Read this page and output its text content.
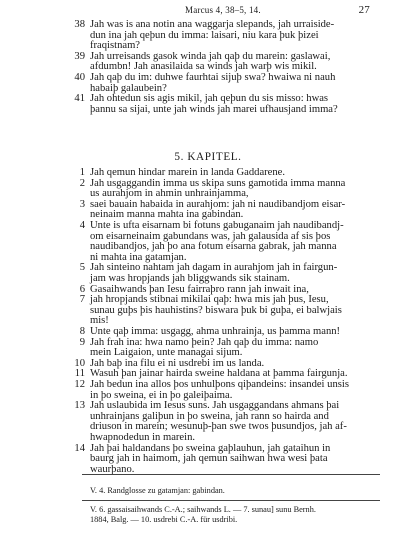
Marcus 4, 38–5, 14.	27
38 Jah was is ana notin ana waggarja slepands, jah urraiside-
dun ina jah qeþun du imma: laisari, niu kara þuk þizei
fraqistnam?
39 Jah urreisands gasok winda jah qaþ du marein: gaslawai,
afdumbn! Jah anasilaida sa winds jah warþ wis mikil.
40 Jah qaþ du im: duhwe faurhtai sijuþ swa? hwaiwa ni nauh
habaiþ galaubein?
41 Jah ohtedun sis agis mikil, jah qeþun du sis misso: hwas
þannu sa sijai, unte jah winds jah marei ufhausjand imma?
5. KAPITEL.
1 Jah qemun hindar marein in landa Gaddarene.
2 Jah usgaggandin imma us skipa suns gamotida imma manna
us aurahjom in ahmin unhrainjamma,
3 saei bauain habaida in aurahjom: jah ni naudibandjom eisar-
neinaim manna mahta ina gabindan.
4 Unte is ufta eisarnam bi fotuns gabuganaim jah naudibandj-
om eisarneinaim gabundans was, jah galausida af sis þos
naudibandjos, jah þo ana fotum eisarna gabrak, jah manna
ni mahta ina gatamjan.
5 Jah sinteino nahtam jah dagam in aurahjom jah in fairgun-
jam was hropjands jah bliggwands sik stainam.
6 Gasaihwands þan Iesu fairraþro rann jah inwait ina,
7 jah hropjands stibnai mikilai qaþ: hwa mis jah þus, Iesu,
sunau guþs þis hauhistins? biswara þuk bi guþa, ei balwjais
mis!
8 Unte qaþ imma: usgagg, ahma unhrainja, us þamma mann!
9 Jah frah ina: hwa namo þein? Jah qaþ du imma: namo
mein Laigaion, unte managai sijum.
10 Jah baþ ina filu ei ni usdrebi im us landa.
11 Wasuh þan jainar hairda sweine haldana at þamma fairgunja.
12 Jah bedun ina allos þos unhulþons qiþandeins: insandei unsis
in þo sweina, ei in þo galeiþaima.
13 Jah uslaubida im Iesus suns. Jah usgaggandans ahmans þai
unhrainjans galiþun in þo sweina, jah rann so hairda and
driuson in marein; wesunuþ-þan swe twos þusundjos, jah af-
hwapnodedun in marein.
14 Jah þai haldandans þo sweina gaþlauhun, jah gataihun in
baurg jah in haimom, jah qemun saihwan hwa wesi þata
waurþano.
V. 4. Randglosse zu gatamjan: gabindan.
V. 6. gassaisaihwands C.-A.; saihwands L. — 7. sunau] sunu Bernh.
1884, Balg. — 10. usdrebi C.-A. für usdribi.
